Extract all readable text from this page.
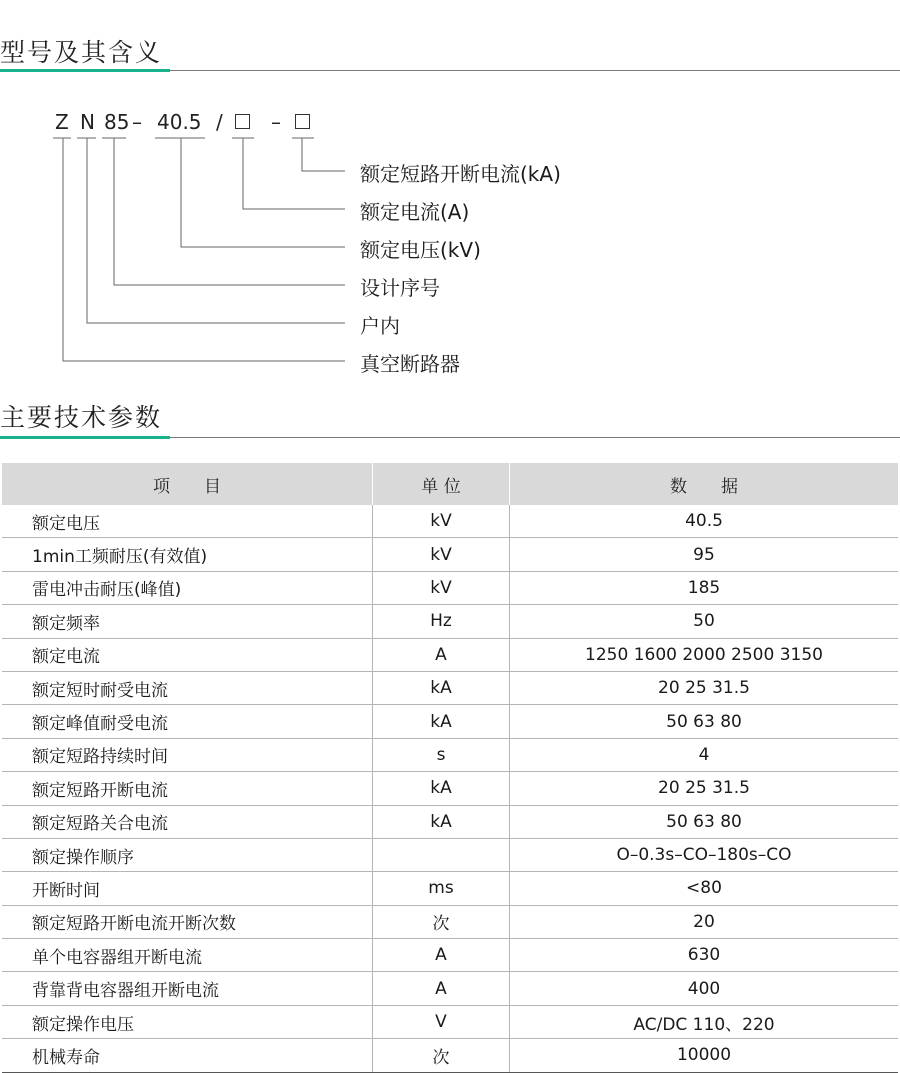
型号及其含义
Z N 85 – 40.5 / –
额定短路开断电流(kA)
额定电流(A)
额定电压(kV)
设计序号
户内
真空断路器
主要技术参数
项　　目	单 位	数　　据
额定电压	kV	40.5
1min工频耐压(有效值)	kV	95
雷电冲击耐压(峰值)	kV	185
额定频率	Hz	50
额定电流	A	1250 1600 2000 2500 3150
额定短时耐受电流	kA	20 25 31.5
额定峰值耐受电流	kA	50 63 80
额定短路持续时间	s	4
额定短路开断电流	kA	20 25 31.5
额定短路关合电流	kA	50 63 80
额定操作顺序		O–0.3s–CO–180s–CO
开断时间	ms	<80
额定短路开断电流开断次数	次	20
单个电容器组开断电流	A	630
背靠背电容器组开断电流	A	400
额定操作电压	V	AC/DC 110、220
机械寿命	次	10000
